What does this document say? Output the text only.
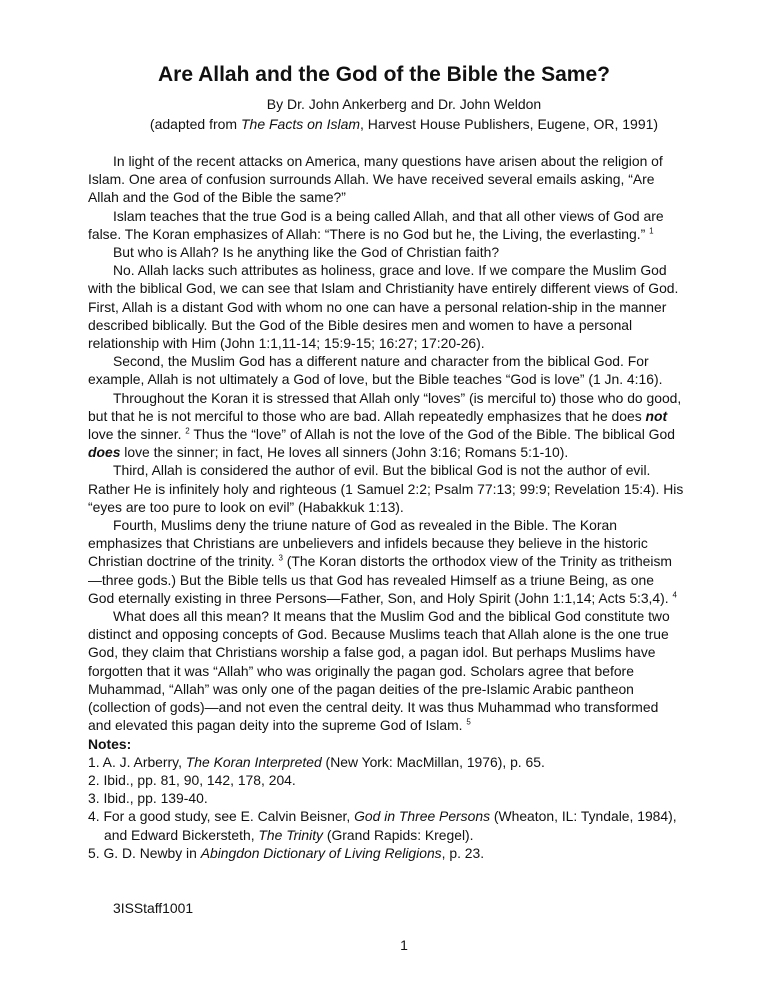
Are Allah and the God of the Bible the Same?
By Dr. John Ankerberg and Dr. John Weldon
(adapted from The Facts on Islam, Harvest House Publishers, Eugene, OR, 1991)

In light of the recent attacks on America, many questions have arisen about the religion of Islam. One area of confusion surrounds Allah. We have received several emails asking, “Are Allah and the God of the Bible the same?”

Islam teaches that the true God is a being called Allah, and that all other views of God are false. The Koran emphasizes of Allah: “There is no God but he, the Living, the everlasting.” $^1$

But who is Allah? Is he anything like the God of Christian faith?

No. Allah lacks such attributes as holiness, grace and love. If we compare the Muslim God with the biblical God, we can see that Islam and Christianity have entirely different views of God. First, Allah is a distant God with whom no one can have a personal relation-ship in the manner described biblically. But the God of the Bible desires men and women to have a personal relationship with Him (John 1:1,11-14; 15:9-15; 16:27; 17:20-26).

Second, the Muslim God has a different nature and character from the biblical God. For example, Allah is not ultimately a God of love, but the Bible teaches “God is love” (1 Jn. 4:16).

Throughout the Koran it is stressed that Allah only “loves” (is merciful to) those who do good, but that he is not merciful to those who are bad. Allah repeatedly emphasizes that he does not love the sinner. $^2$ Thus the “love” of Allah is not the love of the God of the Bible. The biblical God does love the sinner; in fact, He loves all sinners (John 3:16; Romans 5:1-10).

Third, Allah is considered the author of evil. But the biblical God is not the author of evil. Rather He is infinitely holy and righteous (1 Samuel 2:2; Psalm 77:13; 99:9; Revelation 15:4). His “eyes are too pure to look on evil” (Habakkuk 1:13).

Fourth, Muslims deny the triune nature of God as revealed in the Bible. The Koran emphasizes that Christians are unbelievers and infidels because they believe in the historic Christian doctrine of the trinity. $^3$ (The Koran distorts the orthodox view of the Trinity as tritheism—three gods.) But the Bible tells us that God has revealed Himself as a triune Being, as one God eternally existing in three Persons—Father, Son, and Holy Spirit (John 1:1,14; Acts 5:3,4). $^4$

What does all this mean? It means that the Muslim God and the biblical God constitute two distinct and opposing concepts of God. Because Muslims teach that Allah alone is the one true God, they claim that Christians worship a false god, a pagan idol. But perhaps Muslims have forgotten that it was “Allah” who was originally the pagan god. Scholars agree that before Muhammad, “Allah” was only one of the pagan deities of the pre-Islamic Arabic pantheon (collection of gods)—and not even the central deity. It was thus Muhammad who transformed and elevated this pagan deity into the supreme God of Islam. $^5$

Notes:
1. A. J. Arberry, The Koran Interpreted (New York: MacMillan, 1976), p. 65.
2. Ibid., pp. 81, 90, 142, 178, 204.
3. Ibid., pp. 139-40.
4. For a good study, see E. Calvin Beisner, God in Three Persons (Wheaton, IL: Tyndale, 1984), and Edward Bickersteth, The Trinity (Grand Rapids: Kregel).
5. G. D. Newby in Abingdon Dictionary of Living Religions, p. 23.
3ISStaff1001
1
